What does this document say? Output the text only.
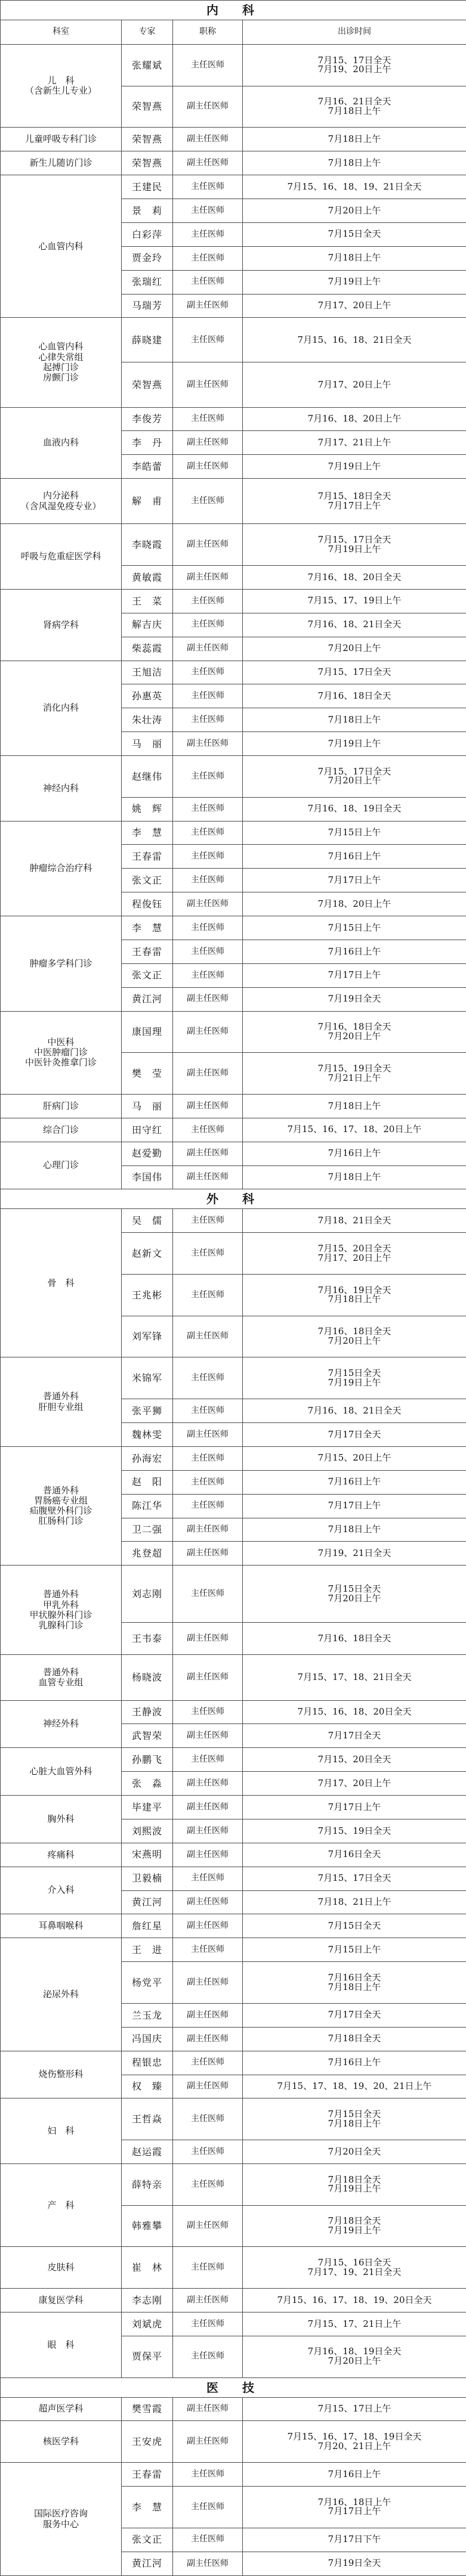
内　科			
科室	专家	职称	出诊时间
儿　科
（含新生儿专业）	张耀斌	主任医师	7月15、17日全天
7月19、20日上午
	荣智燕	副主任医师	7月16、21日全天
7月18日上午
儿童呼吸专科门诊	荣智燕	副主任医师	7月18日上午
新生儿随访门诊	荣智燕	副主任医师	7月18日上午
心血管内科	王建民	主任医师	7月15、16、18、19、21日全天
	景　莉	主任医师	7月20日上午
	白彩萍	主任医师	7月15日全天
	贾金玲	主任医师	7月18日上午
	张瑞红	主任医师	7月19日上午
	马瑞芳	副主任医师	7月17、20日上午
心血管内科
心律失常组
起搏门诊
房颤门诊	薛晓建	主任医师	7月15、16、18、21日全天
	荣智燕	副主任医师	7月17、20日上午
血液内科	李俊芳	主任医师	7月16、18、20日上午
	李　丹	副主任医师	7月17、21日上午
	李皓蕾	副主任医师	7月19日上午
内分泌科
（含风湿免疫专业）	解　甫	主任医师	7月15、18日全天
7月17日上午
呼吸与危重症医学科	李晓霞	副主任医师	7月15、17日全天
7月19日上午
	黄敏霞	副主任医师	7月16、18、20日全天
肾病学科	王　菜	主任医师	7月15、17、19日上午
	解吉庆	主任医师	7月16、18、21日全天
	柴蕊霞	副主任医师	7月20日上午
消化内科	王旭洁	主任医师	7月15、17日全天
	孙惠英	主任医师	7月16、18日全天
	朱壮涛	主任医师	7月18日上午
	马　丽	副主任医师	7月19日上午
神经内科	赵继伟	主任医师	7月15、17日全天
7月20日上午
	姚　辉	主任医师	7月16、18、19日全天
肿瘤综合治疗科	李　慧	主任医师	7月15日上午
	王春雷	主任医师	7月16日上午
	张文正	主任医师	7月17日上午
	程俊钰	副主任医师	7月18、20日上午
肿瘤多学科门诊	李　慧	主任医师	7月15日上午
	王春雷	主任医师	7月16日上午
	张文正	主任医师	7月17日上午
	黄江河	副主任医师	7月19日全天
中医科
中医肿瘤门诊
中医针灸推拿门诊	康国理	副主任医师	7月16、18日全天
7月20日上午
	樊　莹	副主任医师	7月15、19日全天
7月21日上午
肝病门诊	马　丽	副主任医师	7月18日上午
综合门诊	田守红	主任医师	7月15、16、17、18、20日上午
心理门诊	赵爱勤	副主任医师	7月16日上午
	李国伟	副主任医师	7月18日上午
外　科			
骨　科	吴　儒	主任医师	7月18、21日全天
	赵新文	主任医师	7月15、20日全天
7月17、20日上午
	王兆彬	主任医师	7月16、19日全天
7月18日上午
	刘军锋	副主任医师	7月16、18日全天
7月20日上午
普通外科
肝胆专业组	米锦军	主任医师	7月15日全天
7月19日上午
	张平狮	主任医师	7月16、18、21日全天
	魏林雯	副主任医师	7月17日全天
普通外科
胃肠癌专业组
疝腹壁外科门诊
肛肠科门诊	孙海宏	主任医师	7月15、20日上午
	赵　阳	主任医师	7月16日上午
	陈江华	主任医师	7月17日上午
	卫二强	副主任医师	7月18日上午
	兆登超	副主任医师	7月19、21日全天
普通外科
甲乳外科
甲状腺外科门诊
乳腺科门诊	刘志刚	主任医师	7月15日全天
7月20日上午
	王韦泰	副主任医师	7月16、18日全天
普通外科
血管专业组	杨晓波	副主任医师	7月15、17、18、21日全天
神经外科	王静波	主任医师	7月15、16、18、20日全天
	武智荣	副主任医师	7月17日全天
心脏大血管外科	孙鹏飞	主任医师	7月15、20日全天
	张　淼	副主任医师	7月17、20日上午
胸外科	毕建平	副主任医师	7月17日上午
	刘熙波	副主任医师	7月15、19日全天
疼痛科	宋燕明	副主任医师	7月16日全天
介入科	卫毅楠	主任医师	7月15、17日全天
	黄江河	副主任医师	7月18、21日上午
耳鼻咽喉科	詹红星	副主任医师	7月15日全天
泌尿外科	王　进	主任医师	7月15日上午
	杨党平	副主任医师	7月16日全天
7月18日上午
	兰玉龙	副主任医师	7月17日全天
	冯国庆	副主任医师	7月18日全天
烧伤整形科	程银忠	主任医师	7月16日上午
	权　臻	副主任医师	7月15、17、18、19、20、21日上午
妇　科	王哲焱	主任医师	7月15日全天
7月18日上午
	赵运霞	主任医师	7月20日全天
产　科	薛特亲	主任医师	7月18日全天
7月19日上午
	韩雅攀	副主任医师	7月18日全天
7月19日上午
皮肤科	崔　林	主任医师	7月15、16日全天
7月17、19、21日全天
康复医学科	李志刚	副主任医师	7月15、16、17、18、19、20日全天
眼　科	刘斌虎	主任医师	7月15、17、21日上午
	贾保平	主任医师	7月16、18、19日全天
7月20日上午
医　技			
超声医学科	樊雪霞	副主任医师	7月15、17日上午
核医学科	王安虎	副主任医师	7月15、16、17、18、19日全天
7月20、21日上午
国际医疗咨询
服务中心	王春雷	主任医师	7月16日上午
	李　慧	主任医师	7月16、18日上午
7月17日上午
	张文正	主任医师	7月17日下午
	黄江河	副主任医师	7月19日全天
